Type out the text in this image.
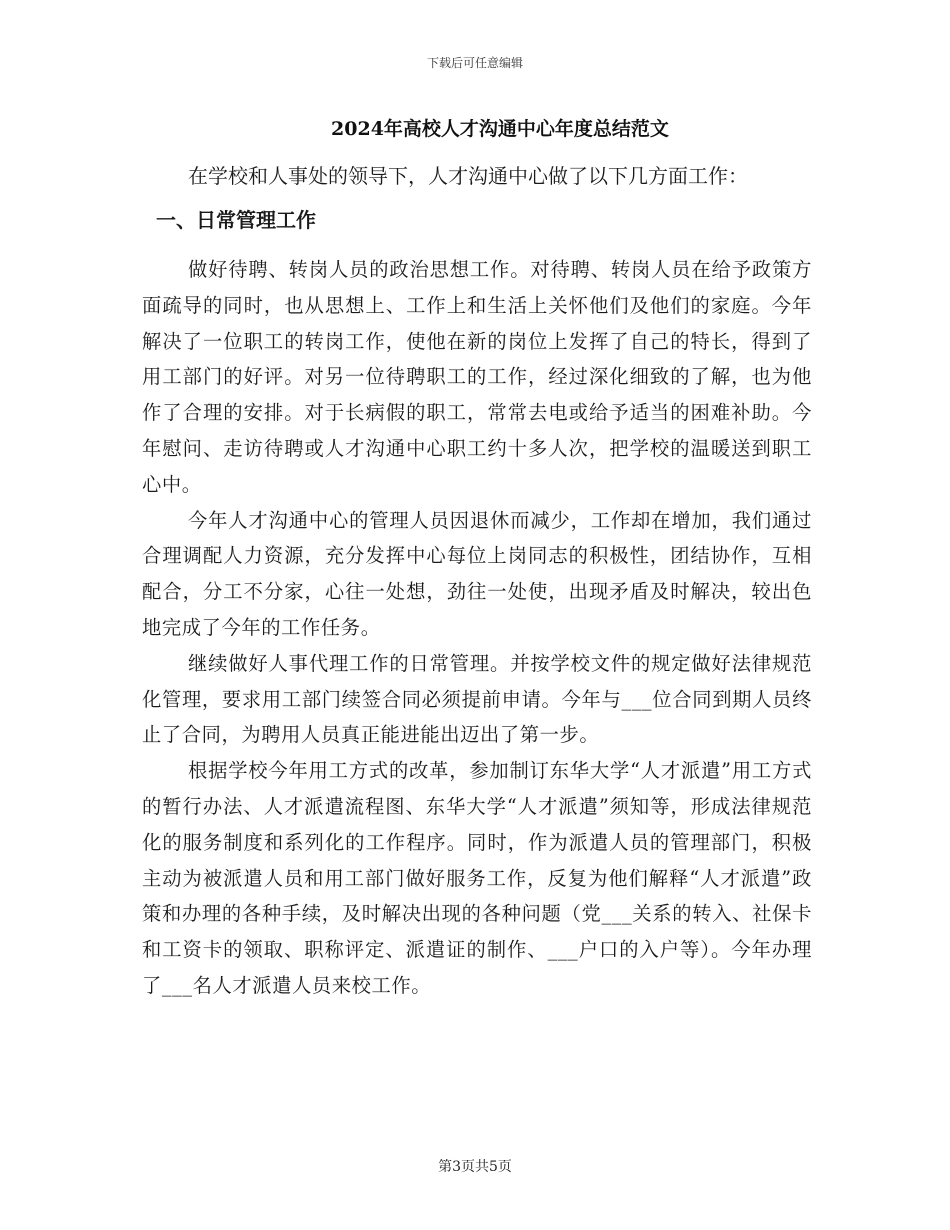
下载后可任意编辑
2024年高校人才沟通中心年度总结范文

在学校和人事处的领导下，人才沟通中心做了以下几方面工作：

一、日常管理工作

做好待聘、转岗人员的政治思想工作。对待聘、转岗人员在给予政策方面疏导的同时，也从思想上、工作上和生活上关怀他们及他们的家庭。今年解决了一位职工的转岗工作，使他在新的岗位上发挥了自己的特长，得到了用工部门的好评。对另一位待聘职工的工作，经过深化细致的了解，也为他作了合理的安排。对于长病假的职工，常常去电或给予适当的困难补助。今年慰问、走访待聘或人才沟通中心职工约十多人次，把学校的温暖送到职工心中。

今年人才沟通中心的管理人员因退休而减少，工作却在增加，我们通过合理调配人力资源，充分发挥中心每位上岗同志的积极性，团结协作，互相配合，分工不分家，心往一处想，劲往一处使，出现矛盾及时解决，较出色地完成了今年的工作任务。

继续做好人事代理工作的日常管理。并按学校文件的规定做好法律规范化管理，要求用工部门续签合同必须提前申请。今年与___位合同到期人员终止了合同，为聘用人员真正能进能出迈出了第一步。

根据学校今年用工方式的改革，参加制订东华大学“人才派遣”用工方式的暂行办法、人才派遣流程图、东华大学“人才派遣”须知等，形成法律规范化的服务制度和系列化的工作程序。同时，作为派遣人员的管理部门，积极主动为被派遣人员和用工部门做好服务工作，反复为他们解释“人才派遣”政策和办理的各种手续，及时解决出现的各种问题（党___关系的转入、社保卡和工资卡的领取、职称评定、派遣证的制作、___户口的入户等）。今年办理了___名人才派遣人员来校工作。

第3页共5页
